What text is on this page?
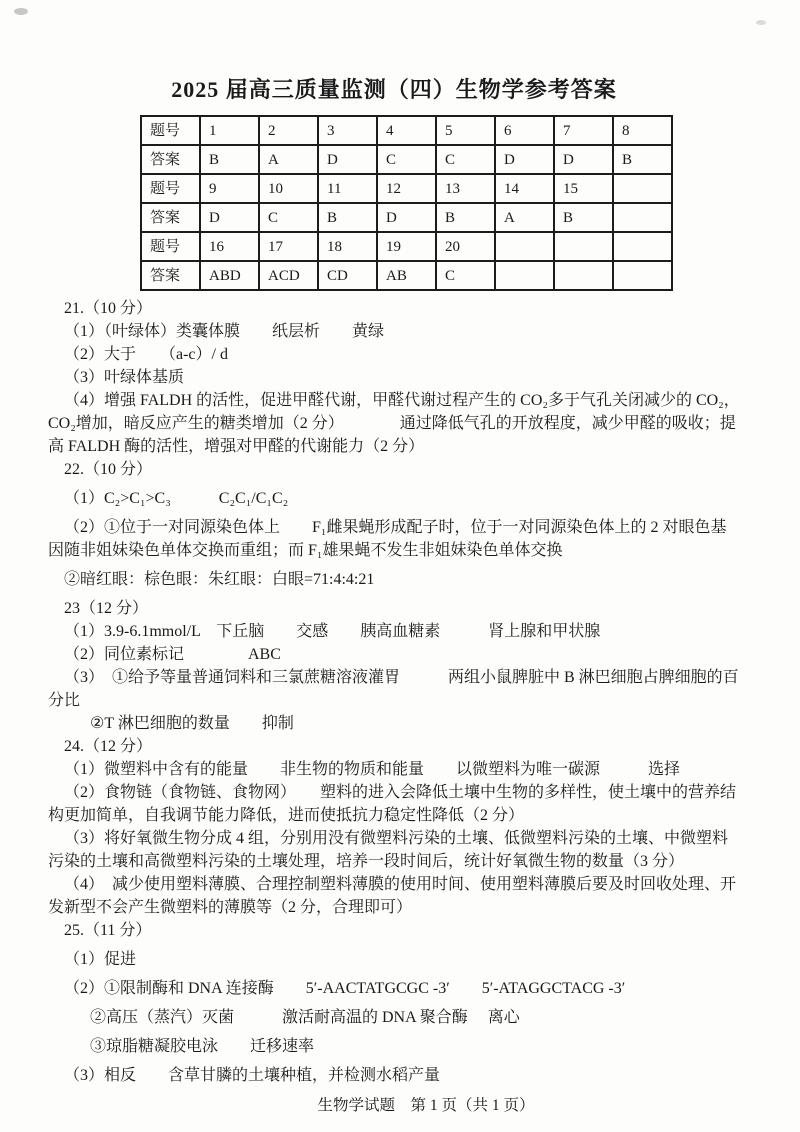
2025 届高三质量监测（四）生物学参考答案
题号	1	2	3	4	5	6	7	8
答案	B	A	D	C	C	D	D	B
题号	9	10	11	12	13	14	15	
答案	D	C	B	D	B	A	B	
题号	16	17	18	19	20			
答案	ABD	ACD	CD	AB	C			

21.（10 分）

（1）（叶绿体）类囊体膜　　纸层析　　黄绿

（2）大于　　（a-c）/ d

（3）叶绿体基质

（4）增强 FALDH 的活性，促进甲醛代谢，甲醛代谢过程产生的 CO₂多于气孔关闭减少的 CO₂，CO₂增加，暗反应产生的糖类增加（2 分）　　　　通过降低气孔的开放程度，减少甲醛的吸收；提高 FALDH 酶的活性，增强对甲醛的代谢能力（2 分）

22.（10 分）

（1）C₂>C₁>C₃　　　C₂C₁/C₁C₂

（2）①位于一对同源染色体上　　F₁雌果蝇形成配子时，位于一对同源染色体上的 2 对眼色基因随非姐妹染色单体交换而重组；而 F₁雄果蝇不发生非姐妹染色单体交换

②暗红眼：棕色眼：朱红眼：白眼=71:4:4:21

23（12 分）

（1）3.9-6.1mmol/L　下丘脑　　交感　　胰高血糖素　　　肾上腺和甲状腺

（2）同位素标记　　　　ABC

（3）　①给予等量普通饲料和三氯蔗糖溶液灌胃　　　两组小鼠脾脏中 B 淋巴细胞占脾细胞的百分比

②T 淋巴细胞的数量　　抑制

24.（12 分）

（1）微塑料中含有的能量　　非生物的物质和能量　　以微塑料为唯一碳源　　　选择

（2）食物链（食物链、食物网）　　塑料的进入会降低土壤中生物的多样性，使土壤中的营养结构更加简单，自我调节能力降低，进而使抵抗力稳定性降低（2 分）

（3）将好氧微生物分成 4 组，分别用没有微塑料污染的土壤、低微塑料污染的土壤、中微塑料污染的土壤和高微塑料污染的土壤处理，培养一段时间后，统计好氧微生物的数量（3 分）

（4）　减少使用塑料薄膜、合理控制塑料薄膜的使用时间、使用塑料薄膜后要及时回收处理、开发新型不会产生微塑料的薄膜等（2 分，合理即可）

25.（11 分）

（1）促进

（2）①限制酶和 DNA 连接酶　　5′-AACTATGCGC -3′　　5′-ATAGGCTACG -3′

②高压（蒸汽）灭菌　　　激活耐高温的 DNA 聚合酶　 离心

③琼脂糖凝胶电泳　　迁移速率

（3）相反　　含草甘膦的土壤种植，并检测水稻产量

生物学试题　第 1 页（共 1 页）
